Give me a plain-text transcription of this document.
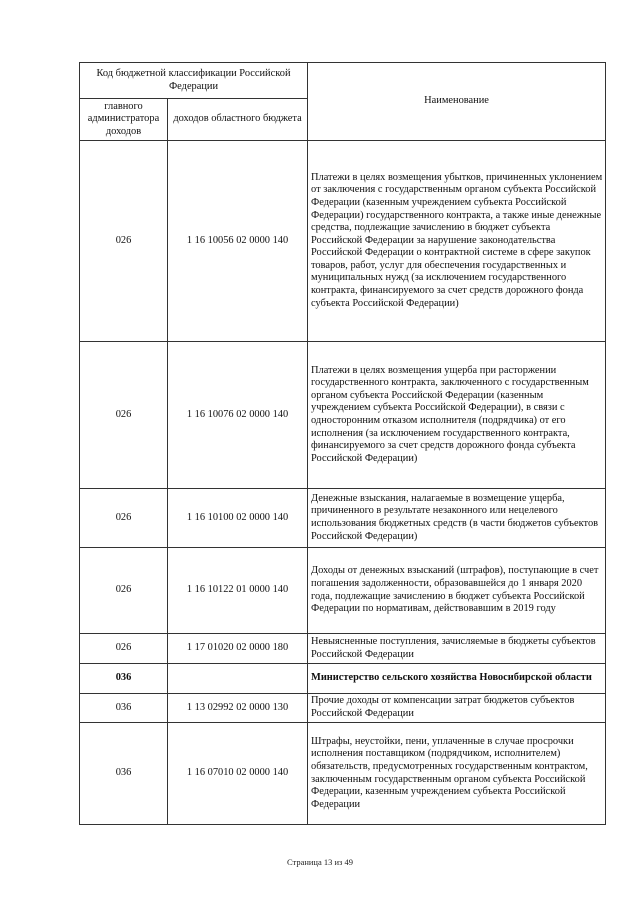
Код бюджетной классификации Российской Федерации		Наименование
главного администратора доходов	доходов областного бюджета	
026	1 16 10056 02 0000 140	Платежи в целях возмещения убытков, причиненных уклонением от заключения с государственным органом субъекта Российской Федерации (казенным учреждением субъекта Российской Федерации) государственного контракта, а также иные денежные средства, подлежащие зачислению в бюджет субъекта Российской Федерации за нарушение законодательства Российской Федерации о контрактной системе в сфере закупок товаров, работ, услуг для обеспечения государственных и муниципальных нужд (за исключением государственного контракта, финансируемого за счет средств дорожного фонда субъекта Российской Федерации)
026	1 16 10076 02 0000 140	Платежи в целях возмещения ущерба при расторжении государственного контракта, заключенного с государственным органом субъекта Российской Федерации (казенным учреждением субъекта Российской Федерации), в связи с односторонним отказом исполнителя (подрядчика) от его исполнения (за исключением государственного контракта, финансируемого за счет средств дорожного фонда субъекта Российской Федерации)
026	1 16 10100 02 0000 140	Денежные взыскания, налагаемые в возмещение ущерба, причиненного в результате незаконного или нецелевого использования бюджетных средств (в части бюджетов субъектов Российской Федерации)
026	1 16 10122 01 0000 140	Доходы от денежных взысканий (штрафов), поступающие в счет погашения задолженности, образовавшейся до 1 января 2020 года, подлежащие зачислению в бюджет субъекта Российской Федерации по нормативам, действовавшим в 2019 году
026	1 17 01020 02 0000 180	Невыясненные поступления, зачисляемые в бюджеты субъектов Российской Федерации
036		Министерство сельского хозяйства Новосибирской области
036	1 13 02992 02 0000 130	Прочие доходы от компенсации затрат бюджетов субъектов Российской Федерации
036	1 16 07010 02 0000 140	Штрафы, неустойки, пени, уплаченные в случае просрочки исполнения поставщиком (подрядчиком, исполнителем) обязательств, предусмотренных государственным контрактом, заключенным государственным органом субъекта Российской Федерации, казенным учреждением субъекта Российской Федерации
Страница 13 из 49
